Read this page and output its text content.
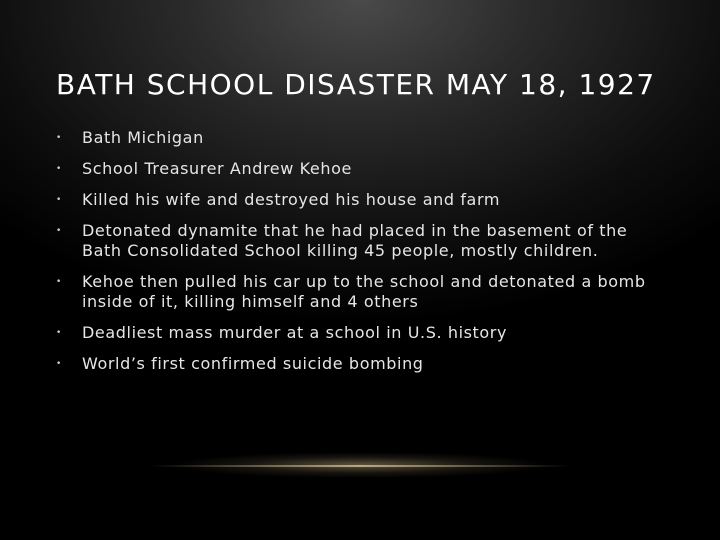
BATH SCHOOL DISASTER MAY 18, 1927
• Bath Michigan
• School Treasurer Andrew Kehoe
• Killed his wife and destroyed his house and farm
• Detonated dynamite that he had placed in the basement of the Bath Consolidated School killing 45 people, mostly children.
• Kehoe then pulled his car up to the school and detonated a bomb inside of it, killing himself and 4 others
• Deadliest mass murder at a school in U.S. history
• World’s first confirmed suicide bombing
